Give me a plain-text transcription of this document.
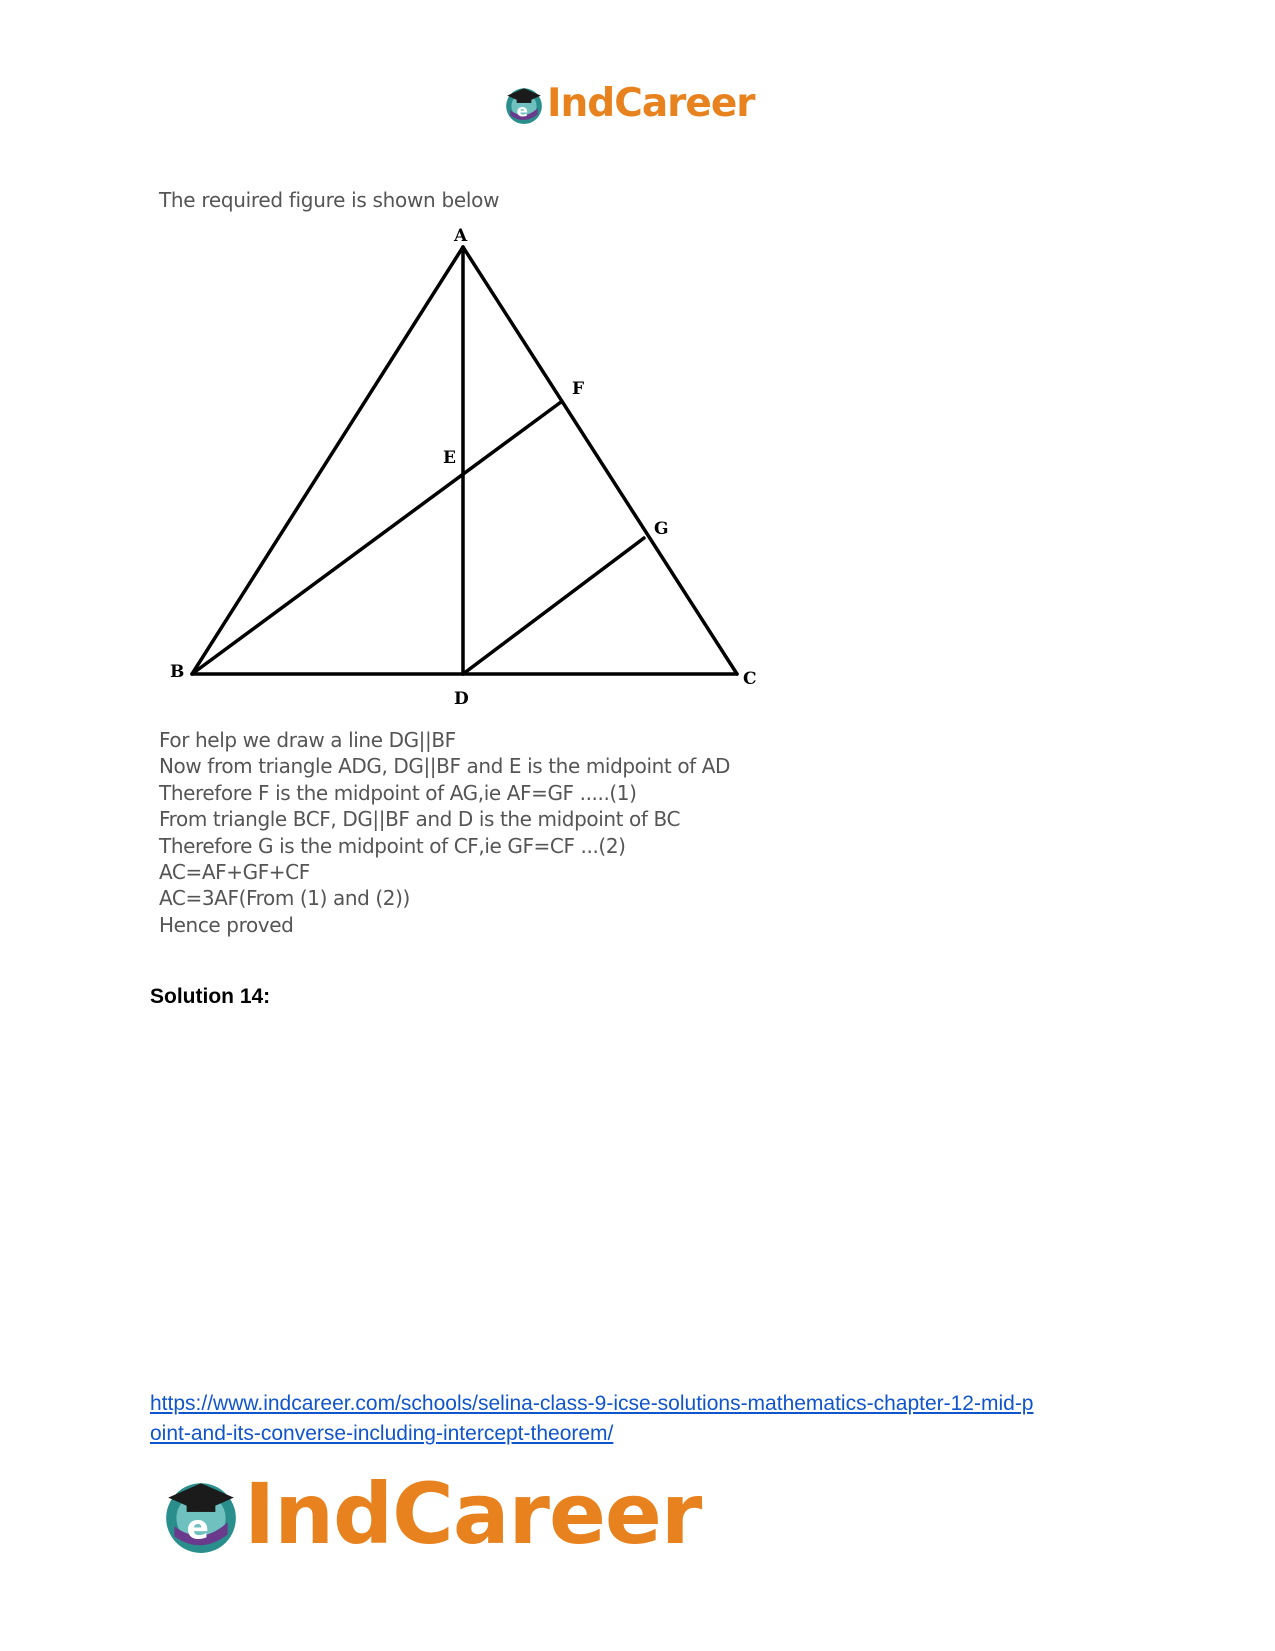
e IndCareer
The required figure is shown below
A
B	C
D
E
F
G
For help we draw a line DG||BF
Now from triangle ADG, DG||BF and E is the midpoint of AD
Therefore F is the midpoint of AG,ie AF=GF .....(1)
From triangle BCF, DG||BF and D is the midpoint of BC
Therefore G is the midpoint of CF,ie GF=CF ...(2)
AC=AF+GF+CF
AC=3AF(From (1) and (2))
Hence proved
Solution 14:
https://www.indcareer.com/schools/selina-class-9-icse-solutions-mathematics-chapter-12-mid-p
oint-and-its-converse-including-intercept-theorem/
e IndCareer
